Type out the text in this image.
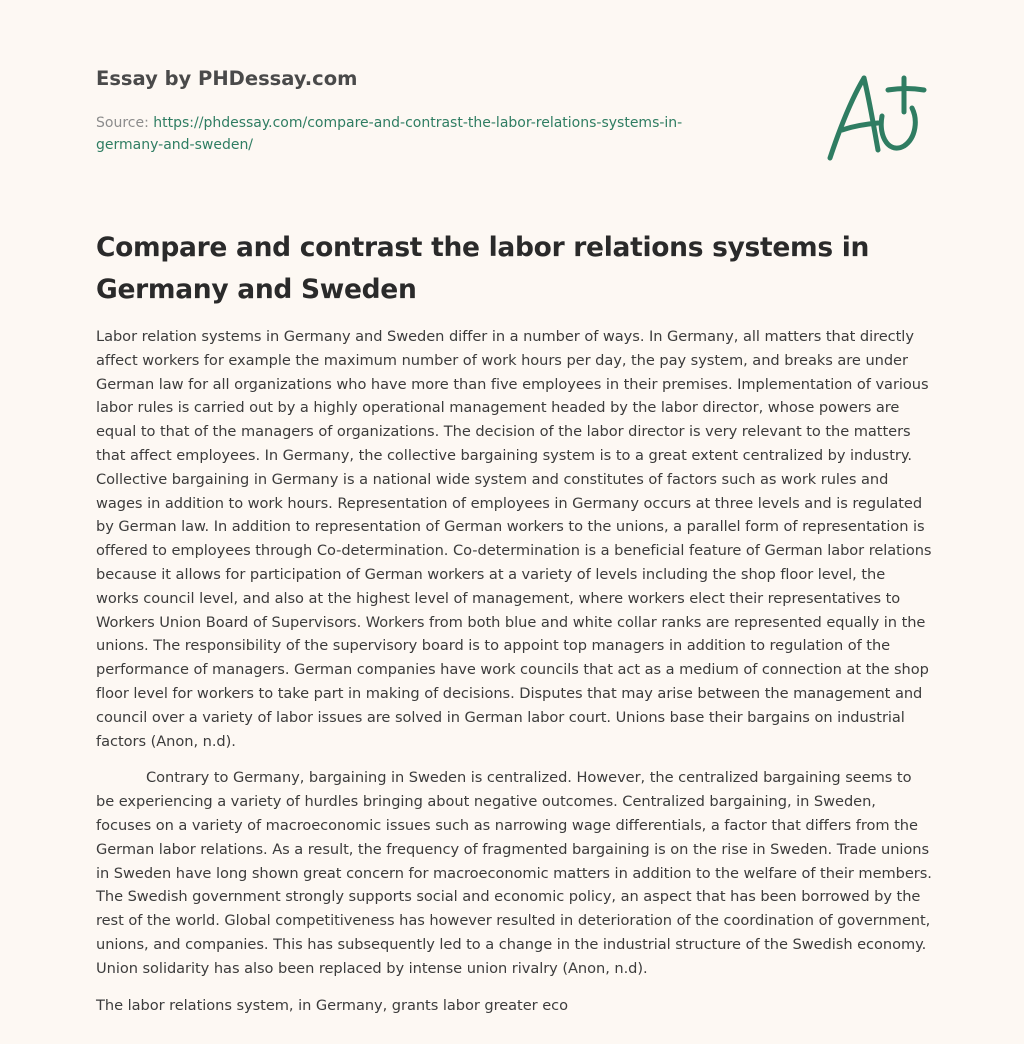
Essay by PHDessay.com
Source: https://phdessay.com/compare-and-contrast-the-labor-relations-systems-in-germany-and-sweden/
Compare and contrast the labor relations systems in Germany and Sweden

Labor relation systems in Germany and Sweden differ in a number of ways. In Germany, all matters that directly affect workers for example the maximum number of work hours per day, the pay system, and breaks are under German law for all organizations who have more than five employees in their premises. Implementation of various labor rules is carried out by a highly operational management headed by the labor director, whose powers are equal to that of the managers of organizations. The decision of the labor director is very relevant to the matters that affect employees. In Germany, the collective bargaining system is to a great extent centralized by industry. Collective bargaining in Germany is a national wide system and constitutes of factors such as work rules and wages in addition to work hours. Representation of employees in Germany occurs at three levels and is regulated by German law. In addition to representation of German workers to the unions, a parallel form of representation is offered to employees through Co-determination. Co-determination is a beneficial feature of German labor relations because it allows for participation of German workers at a variety of levels including the shop floor level, the works council level, and also at the highest level of management, where workers elect their representatives to Workers Union Board of Supervisors. Workers from both blue and white collar ranks are represented equally in the unions. The responsibility of the supervisory board is to appoint top managers in addition to regulation of the performance of managers. German companies have work councils that act as a medium of connection at the shop floor level for workers to take part in making of decisions. Disputes that may arise between the management and council over a variety of labor issues are solved in German labor court. Unions base their bargains on industrial factors (Anon, n.d).

Contrary to Germany, bargaining in Sweden is centralized. However, the centralized bargaining seems to be experiencing a variety of hurdles bringing about negative outcomes. Centralized bargaining, in Sweden, focuses on a variety of macroeconomic issues such as narrowing wage differentials, a factor that differs from the German labor relations. As a result, the frequency of fragmented bargaining is on the rise in Sweden. Trade unions in Sweden have long shown great concern for macroeconomic matters in addition to the welfare of their members. The Swedish government strongly supports social and economic policy, an aspect that has been borrowed by the rest of the world. Global competitiveness has however resulted in deterioration of the coordination of government, unions, and companies. This has subsequently led to a change in the industrial structure of the Swedish economy. Union solidarity has also been replaced by intense union rivalry (Anon, n.d).

The labor relations system, in Germany, grants labor greater eco
